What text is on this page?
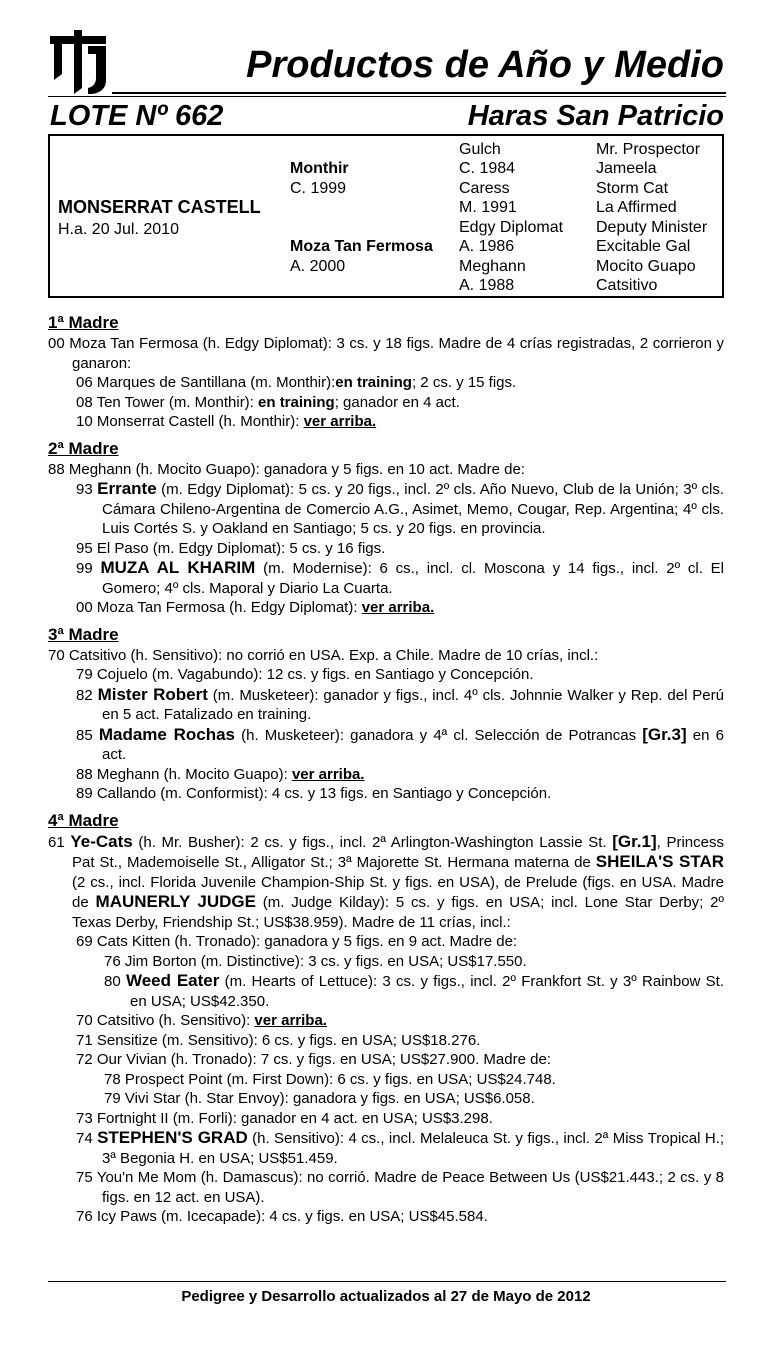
Productos de Año y Medio
LOTE Nº 662	Haras San Patricio
MONSERRAT CASTELL
H.a. 20 Jul. 2010
Monthir
C. 1999
Moza Tan Fermosa
A. 2000
Gulch
C. 1984
Caress
M. 1991
Edgy Diplomat
A. 1986
Meghann
A. 1988
Mr. Prospector
Jameela
Storm Cat
La Affirmed
Deputy Minister
Excitable Gal
Mocito Guapo
Catsitivo
1ª Madre
00 Moza Tan Fermosa (h. Edgy Diplomat): 3 cs. y 18 figs. Madre de 4 crías registradas, 2 corrieron y ganaron:
06 Marques de Santillana (m. Monthir):en training; 2 cs. y 15 figs.
08 Ten Tower (m. Monthir): en training; ganador en 4 act.
10 Monserrat Castell (h. Monthir): ver arriba.
2ª Madre
88 Meghann (h. Mocito Guapo): ganadora y 5 figs. en 10 act. Madre de:
93 Errante (m. Edgy Diplomat): 5 cs. y 20 figs., incl. 2º cls. Año Nuevo, Club de la Unión; 3º cls. Cámara Chileno-Argentina de Comercio A.G., Asimet, Memo, Cougar, Rep. Argentina; 4º cls. Luis Cortés S. y Oakland en Santiago; 5 cs. y 20 figs. en provincia.
95 El Paso (m. Edgy Diplomat): 5 cs. y 16 figs.
99 MUZA AL KHARIM (m. Modernise): 6 cs., incl. cl. Moscona y 14 figs., incl. 2º cl. El Gomero; 4º cls. Maporal y Diario La Cuarta.
00 Moza Tan Fermosa (h. Edgy Diplomat): ver arriba.
3ª Madre
70 Catsitivo (h. Sensitivo): no corrió en USA. Exp. a Chile. Madre de 10 crías, incl.:
79 Cojuelo (m. Vagabundo): 12 cs. y figs. en Santiago y Concepción.
82 Mister Robert (m. Musketeer): ganador y figs., incl. 4º cls. Johnnie Walker y Rep. del Perú en 5 act. Fatalizado en training.
85 Madame Rochas (h. Musketeer): ganadora y 4ª cl. Selección de Potrancas [Gr.3] en 6 act.
88 Meghann (h. Mocito Guapo): ver arriba.
89 Callando (m. Conformist): 4 cs. y 13 figs. en Santiago y Concepción.
4ª Madre
61 Ye-Cats (h. Mr. Busher): 2 cs. y figs., incl. 2ª Arlington-Washington Lassie St. [Gr.1], Princess Pat St., Mademoiselle St., Alligator St.; 3ª Majorette St. Hermana materna de SHEILA'S STAR (2 cs., incl. Florida Juvenile Champion-Ship St. y figs. en USA), de Prelude (figs. en USA. Madre de MAUNERLY JUDGE (m. Judge Kilday): 5 cs. y figs. en USA; incl. Lone Star Derby; 2º Texas Derby, Friendship St.; US$38.959). Madre de 11 crías, incl.:
69 Cats Kitten (h. Tronado): ganadora y 5 figs. en 9 act. Madre de:
76 Jim Borton (m. Distinctive): 3 cs. y figs. en USA; US$17.550.
80 Weed Eater (m. Hearts of Lettuce): 3 cs. y figs., incl. 2º Frankfort St. y 3º Rainbow St. en USA; US$42.350.
70 Catsitivo (h. Sensitivo): ver arriba.
71 Sensitize (m. Sensitivo): 6 cs. y figs. en USA; US$18.276.
72 Our Vivian (h. Tronado): 7 cs. y figs. en USA; US$27.900. Madre de:
78 Prospect Point (m. First Down): 6 cs. y figs. en USA; US$24.748.
79 Vivi Star (h. Star Envoy): ganadora y figs. en USA; US$6.058.
73 Fortnight II (m. Forli): ganador en 4 act. en USA; US$3.298.
74 STEPHEN'S GRAD (h. Sensitivo): 4 cs., incl. Melaleuca St. y figs., incl. 2ª Miss Tropical H.; 3ª Begonia H. en USA; US$51.459.
75 You'n Me Mom (h. Damascus): no corrió. Madre de Peace Between Us (US$21.443.; 2 cs. y 8 figs. en 12 act. en USA).
76 Icy Paws (m. Icecapade): 4 cs. y figs. en USA; US$45.584.
Pedigree y Desarrollo actualizados al 27 de Mayo de 2012
